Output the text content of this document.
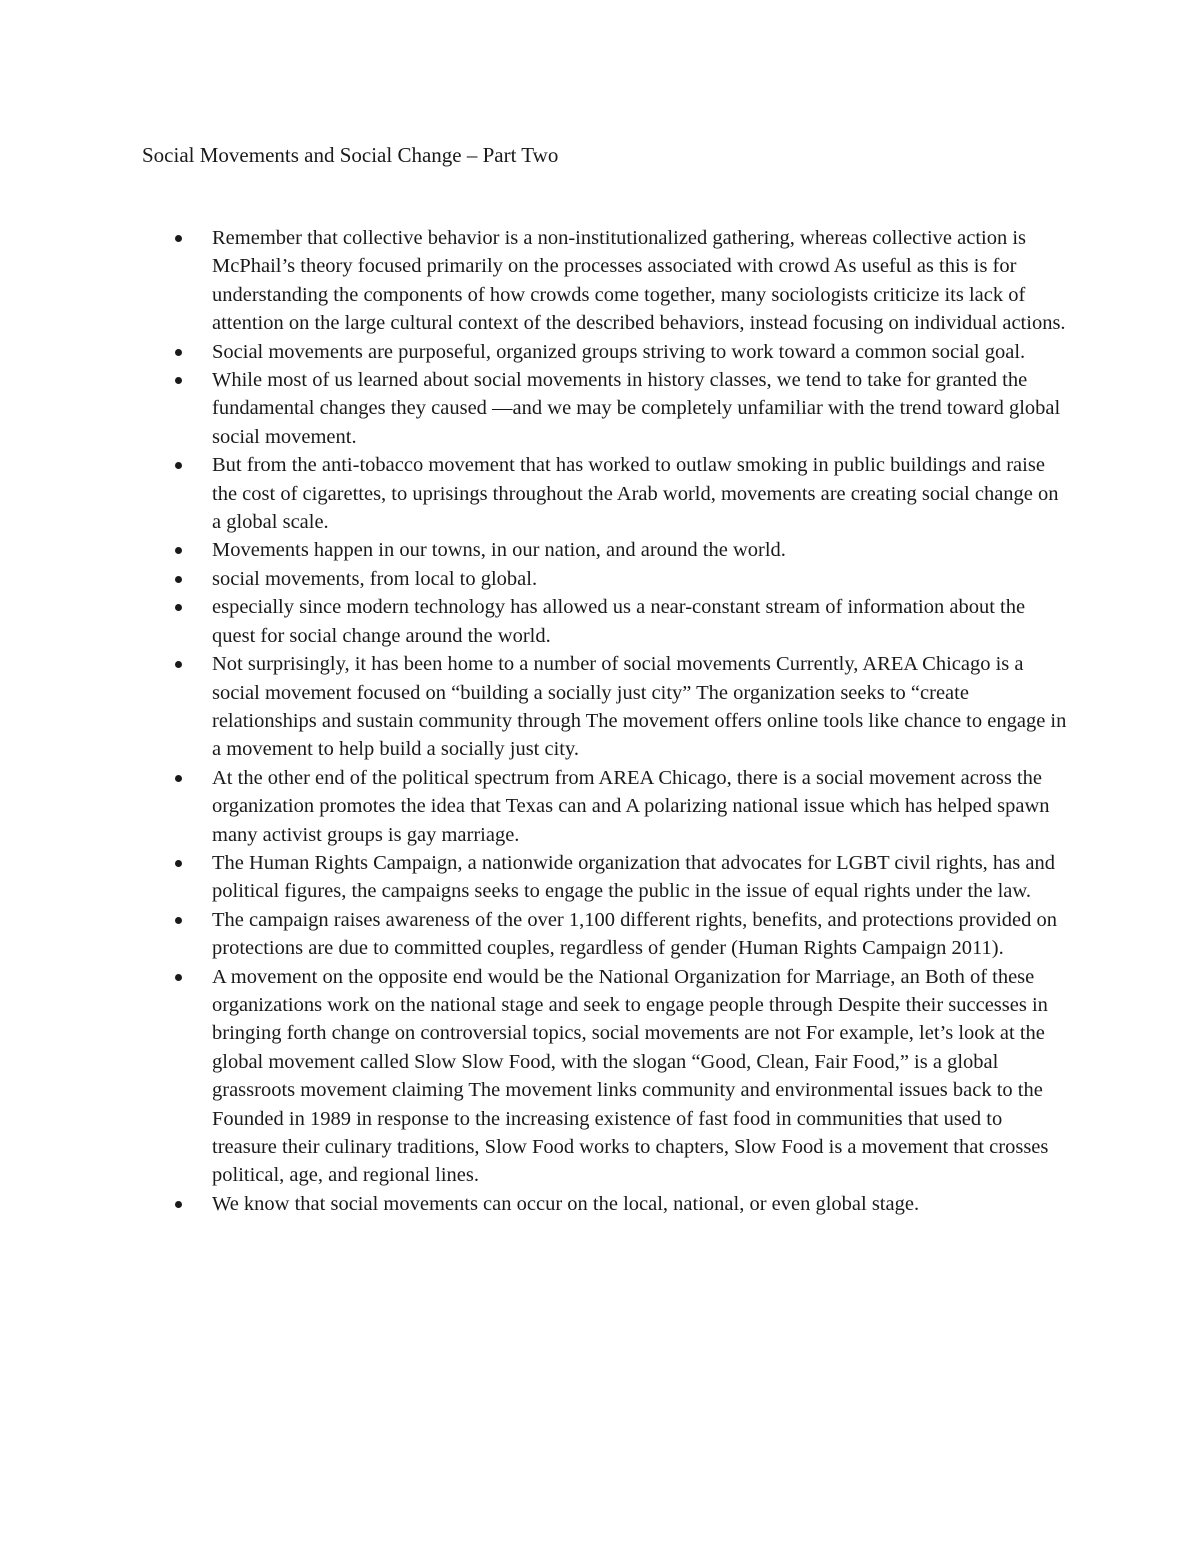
Social Movements and Social Change – Part Two
Remember that collective behavior is a non-institutionalized gathering, whereas collective action is McPhail’s theory focused primarily on the processes associated with crowd As useful as this is for understanding the components of how crowds come together, many sociologists criticize its lack of attention on the large cultural context of the described behaviors, instead focusing on individual actions.
Social movements are purposeful, organized groups striving to work toward a common social goal.
While most of us learned about social movements in history classes, we tend to take for granted the fundamental changes they caused —and we may be completely unfamiliar with the trend toward global social movement.
But from the anti-tobacco movement that has worked to outlaw smoking in public buildings and raise the cost of cigarettes, to uprisings throughout the Arab world, movements are creating social change on a global scale.
Movements happen in our towns, in our nation, and around the world.
social movements, from local to global.
especially since modern technology has allowed us a near-constant stream of information about the quest for social change around the world.
Not surprisingly, it has been home to a number of social movements Currently, AREA Chicago is a social movement focused on “building a socially just city” The organization seeks to “create relationships and sustain community through The movement offers online tools like chance to engage in a movement to help build a socially just city.
At the other end of the political spectrum from AREA Chicago, there is a social movement across the organization promotes the idea that Texas can and A polarizing national issue which has helped spawn many activist groups is gay marriage.
The Human Rights Campaign, a nationwide organization that advocates for LGBT civil rights, has and political figures, the campaigns seeks to engage the public in the issue of equal rights under the law.
The campaign raises awareness of the over 1,100 different rights, benefits, and protections provided on protections are due to committed couples, regardless of gender (Human Rights Campaign 2011).
A movement on the opposite end would be the National Organization for Marriage, an Both of these organizations work on the national stage and seek to engage people through Despite their successes in bringing forth change on controversial topics, social movements are not For example, let’s look at the global movement called Slow Slow Food, with the slogan “Good, Clean, Fair Food,” is a global grassroots movement claiming The movement links community and environmental issues back to the Founded in 1989 in response to the increasing existence of fast food in communities that used to treasure their culinary traditions, Slow Food works to chapters, Slow Food is a movement that crosses political, age, and regional lines.
We know that social movements can occur on the local, national, or even global stage.
